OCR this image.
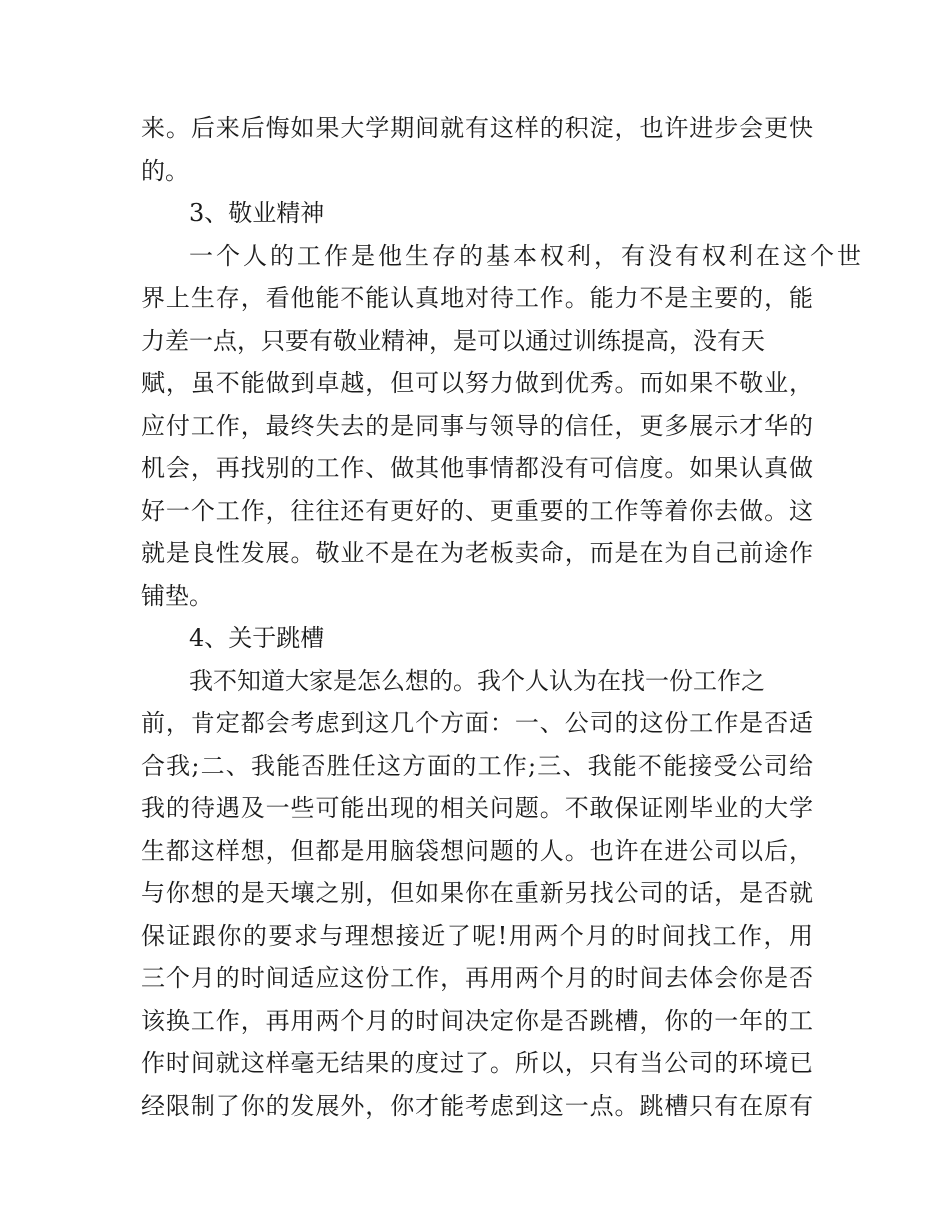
来。后来后悔如果大学期间就有这样的积淀，也许进步会更快
的。
3、敬业精神
一个人的工作是他生存的基本权利，有没有权利在这个世
界上生存，看他能不能认真地对待工作。能力不是主要的，能
力差一点，只要有敬业精神，是可以通过训练提高，没有天
赋，虽不能做到卓越，但可以努力做到优秀。而如果不敬业，
应付工作，最终失去的是同事与领导的信任，更多展示才华的
机会，再找别的工作、做其他事情都没有可信度。如果认真做
好一个工作，往往还有更好的、更重要的工作等着你去做。这
就是良性发展。敬业不是在为老板卖命，而是在为自己前途作
铺垫。
4、关于跳槽
我不知道大家是怎么想的。我个人认为在找一份工作之
前，肯定都会考虑到这几个方面：一、公司的这份工作是否适
合我;二、我能否胜任这方面的工作;三、我能不能接受公司给
我的待遇及一些可能出现的相关问题。不敢保证刚毕业的大学
生都这样想，但都是用脑袋想问题的人。也许在进公司以后，
与你想的是天壤之别，但如果你在重新另找公司的话，是否就
保证跟你的要求与理想接近了呢!用两个月的时间找工作，用
三个月的时间适应这份工作，再用两个月的时间去体会你是否
该换工作，再用两个月的时间决定你是否跳槽，你的一年的工
作时间就这样毫无结果的度过了。所以，只有当公司的环境已
经限制了你的发展外，你才能考虑到这一点。跳槽只有在原有
